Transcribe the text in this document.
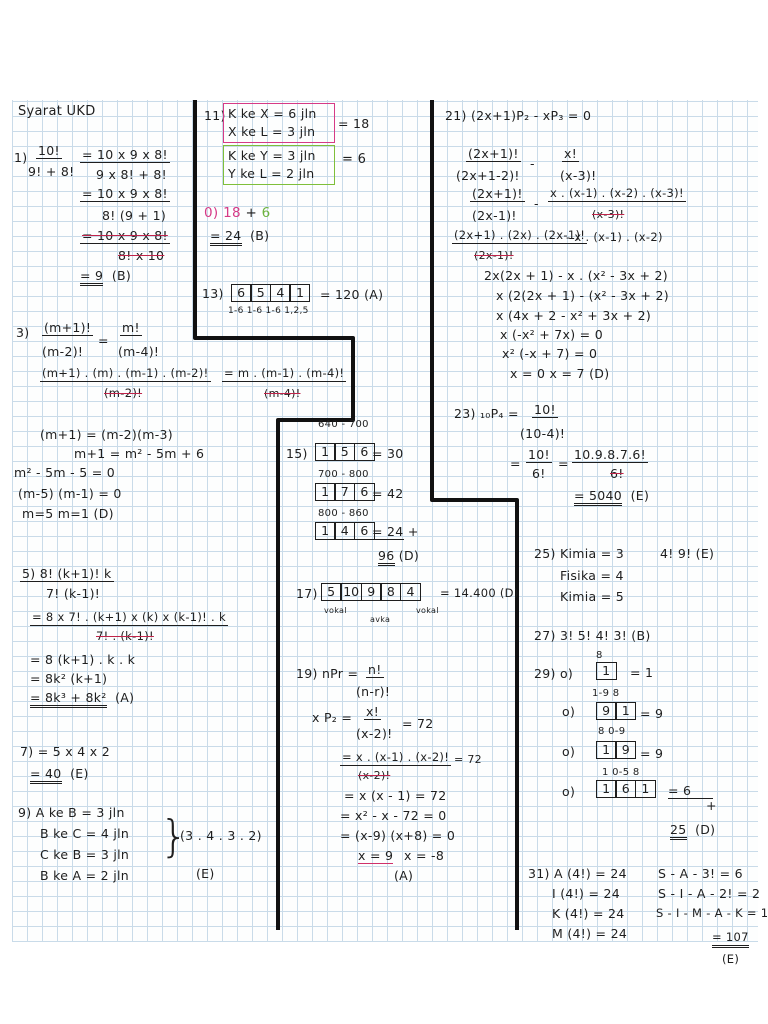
Syarat UKD
1) 10!
9! + 8!
= 10 x 9 x 8!
9 x 8! + 8!
= 10 x 9 x 8!
8! (9 + 1)
= 10 x 9 x 8!
8! x 10
= 9 (B)
3) (m+1)!
(m-2)!
=
m!
(m-4)!
(m+1) . (m) . (m-1) . (m-2)! = m . (m-1) . (m-4)!
(m-2)!	(m-4)!
(m+1) = (m-2)(m-3)
m+1 = m² - 5m + 6
m² - 5m - 5 = 0
(m-5) (m-1) = 0
m=5 m=1 (D)
5) 8! (k+1)! k
7! (k-1)!
= 8 x 7! . (k+1) x (k) x (k-1)! . k
7! . (k-1)!
= 8 (k+1) . k . k
= 8k² (k+1)
= 8k³ + 8k² (A)
7) = 5 x 4 x 2
= 40 (E)
9) A ke B = 3 jln
B ke C = 4 jln
C ke B = 3 jln
B ke A = 2 jln
}
(3 . 4 . 3 . 2)
(E)
11) K ke X = 6 jln
X ke L = 3 jln
= 18
K ke Y = 3 jln
Y ke L = 2 jln
= 6
0) 18 + 6
= 24 (B)
13)	6 5 4 1	= 120 (A)
1-6 1-6 1-6 1,2,5
640 - 700
15)	1 5 6 = 30
700 - 800
1 7 6 = 42
800 - 860
1 4 6 = 24 +
96 (D)
17) 5 10 9 8 4	= 14.400 (D)
vokal
avka
vokal
19) nPr = n!
(n-r)!
x P₂ = x!
(x-2)!
= 72
= x . (x-1) . (x-2)! = 72
(x-2)!
= x (x - 1) = 72
= x² - x - 72 = 0
= (x-9) (x+8) = 0
x = 9 x = -8
(A)
21) (2x+1)P₂ - xP₃ = 0
(2x+1)!
(2x+1-2)!
-
x!
(x-3)!
(2x+1)!
(2x-1)!
-
x . (x-1) . (x-2) . (x-3)!
(x-3)!
(2x+1) . (2x) . (2x-1)!
(2x-1)!
- x . (x-1) . (x-2)
2x(2x + 1) - x . (x² - 3x + 2)
x (2(2x + 1) - (x² - 3x + 2)
x (4x + 2 - x² + 3x + 2)
x (-x² + 7x) = 0
x² (-x + 7) = 0
x = 0 x = 7 (D)
23) ₁₀P₄ = 10!
(10-4)!
=
10!
6!
=
10.9.8.7.6!
6!
= 5040 (E)
25) Kimia = 3	4! 9! (E)
Fisika = 4
Kimia = 5
27) 3! 5! 4! 3! (B)
8
29) o)	1	= 1
1-9 8
o)	9 1 = 9
8 0-9
o)	1 9 = 9
1 0-5 8
o)	1 6 1	= 6
+
25 (D)
31) A (4!) = 24
I (4!) = 24
K (4!) = 24
M (4!) = 24
S - A - 3! = 6
S - I - A - 2! = 2
S - I - M - A - K = 1
= 107
(E)
